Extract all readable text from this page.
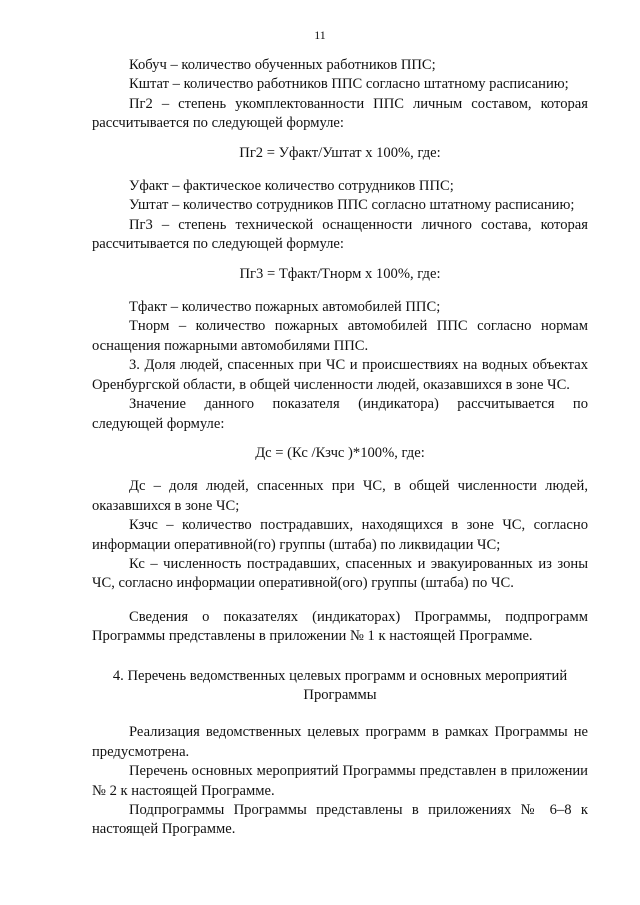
11

Кобуч – количество обученных работников ППС;

Кштат – количество работников ППС согласно штатному расписанию;

Пг2 – степень укомплектованности ППС личным составом, которая рассчитывается по следующей формуле:

Пг2 = Уфакт/Уштат х 100%, где:

Уфакт – фактическое количество сотрудников ППС;

Уштат – количество сотрудников ППС согласно штатному расписанию;

Пг3 – степень технической оснащенности личного состава, которая рассчитывается по следующей формуле:

Пг3 = Тфакт/Тнорм х 100%, где:

Тфакт – количество пожарных автомобилей ППС;

Тнорм – количество пожарных автомобилей ППС согласно нормам оснащения пожарными автомобилями ППС.

3. Доля людей, спасенных при ЧС и происшествиях на водных объектах Оренбургской области, в общей численности людей, оказавшихся в зоне ЧС.

Значение данного показателя (индикатора) рассчитывается по следующей формуле:

Дс = (Кс /Кзчс )*100%, где:

Дс – доля людей, спасенных при ЧС, в общей численности людей, оказавшихся в зоне ЧС;

Кзчс – количество пострадавших, находящихся в зоне ЧС, согласно информации оперативной(го) группы (штаба) по ликвидации ЧС;

Кс – численность пострадавших, спасенных и эвакуированных из зоны ЧС, согласно информации оперативной(ого) группы (штаба) по ЧС.

Сведения о показателях (индикаторах) Программы, подпрограмм Программы представлены в приложении № 1 к настоящей Программе.

4. Перечень ведомственных целевых программ и основных мероприятий Программы

Реализация ведомственных целевых программ в рамках Программы не предусмотрена.

Перечень основных мероприятий Программы представлен в приложении № 2 к настоящей Программе.

Подпрограммы Программы представлены в приложениях № 6–8 к настоящей Программе.
